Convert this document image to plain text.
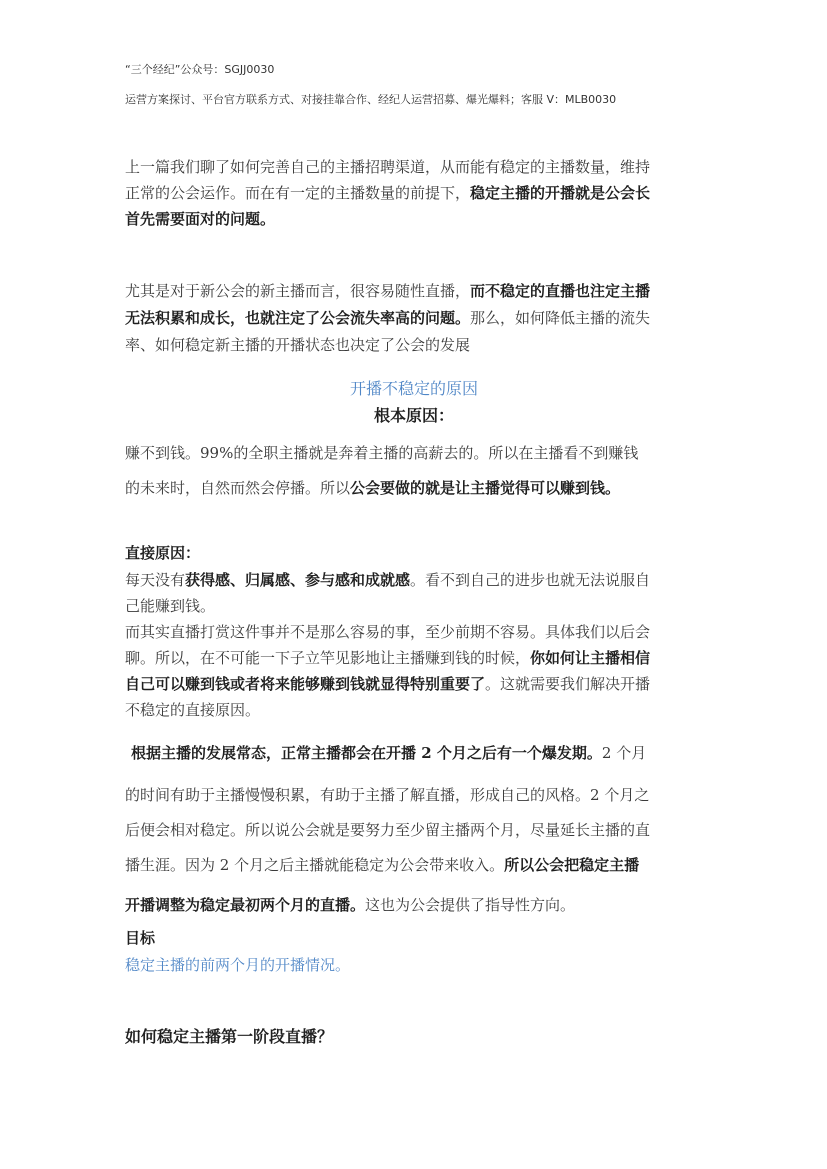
“三个经纪”公众号：SGJJ0030
运营方案探讨、平台官方联系方式、对接挂靠合作、经纪人运营招募、爆光爆料；客服 V：MLB0030
上一篇我们聊了如何完善自己的主播招聘渠道，从而能有稳定的主播数量，维持
正常的公会运作。而在有一定的主播数量的前提下，稳定主播的开播就是公会长
首先需要面对的问题。
尤其是对于新公会的新主播而言，很容易随性直播，而不稳定的直播也注定主播
无法积累和成长，也就注定了公会流失率高的问题。那么，如何降低主播的流失
率、如何稳定新主播的开播状态也决定了公会的发展
开播不稳定的原因
根本原因：
赚不到钱。99%的全职主播就是奔着主播的高薪去的。所以在主播看不到赚钱
的未来时，自然而然会停播。所以公会要做的就是让主播觉得可以赚到钱。
直接原因：
每天没有获得感、归属感、参与感和成就感。看不到自己的进步也就无法说服自
己能赚到钱。
而其实直播打赏这件事并不是那么容易的事，至少前期不容易。具体我们以后会
聊。所以，在不可能一下子立竿见影地让主播赚到钱的时候，你如何让主播相信
自己可以赚到钱或者将来能够赚到钱就显得特别重要了。这就需要我们解决开播
不稳定的直接原因。
根据主播的发展常态，正常主播都会在开播 2 个月之后有一个爆发期。2 个月
的时间有助于主播慢慢积累，有助于主播了解直播，形成自己的风格。2 个月之
后便会相对稳定。所以说公会就是要努力至少留主播两个月，尽量延长主播的直
播生涯。因为 2 个月之后主播就能稳定为公会带来收入。所以公会把稳定主播
开播调整为稳定最初两个月的直播。这也为公会提供了指导性方向。
目标
稳定主播的前两个月的开播情况。
如何稳定主播第一阶段直播？
